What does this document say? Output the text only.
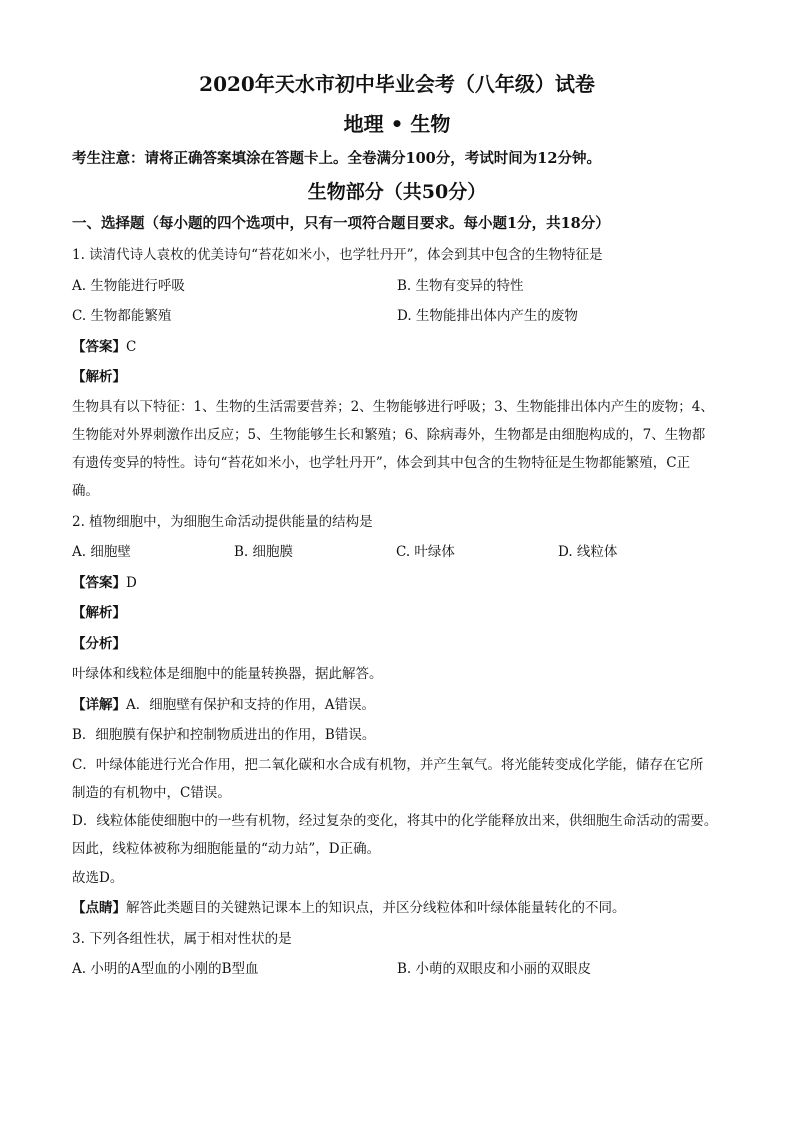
2020年天水市初中毕业会考（八年级）试卷
地理 • 生物
考生注意：请将正确答案填涂在答题卡上。全卷满分100分，考试时间为12分钟。
生物部分（共50分）
一、选择题（每小题的四个选项中，只有一项符合题目要求。每小题1分，共18分）

1. 读清代诗人袁枚的优美诗句“苔花如米小，也学牡丹开”，体会到其中包含的生物特征是

A. 生物能进行呼吸	B. 生物有变异的特性
C. 生物都能繁殖	D. 生物能排出体内产生的废物
【答案】C
【解析】

生物具有以下特征：1、生物的生活需要营养；2、生物能够进行呼吸；3、生物能排出体内产生的废物；4、

生物能对外界刺激作出反应；5、生物能够生长和繁殖；6、除病毒外，生物都是由细胞构成的，7、生物都

有遗传变异的特性。诗句“苔花如米小，也学牡丹开”，体会到其中包含的生物特征是生物都能繁殖，C正

确。

2. 植物细胞中，为细胞生命活动提供能量的结构是

A. 细胞壁	B. 细胞膜	C. 叶绿体	D. 线粒体
【答案】D
【解析】
【分析】

叶绿体和线粒体是细胞中的能量转换器，据此解答。

【详解】A．细胞壁有保护和支持的作用，A错误。

B．细胞膜有保护和控制物质进出的作用，B错误。

C．叶绿体能进行光合作用，把二氧化碳和水合成有机物，并产生氧气。将光能转变成化学能，储存在它所

制造的有机物中，C错误。

D．线粒体能使细胞中的一些有机物，经过复杂的变化，将其中的化学能释放出来，供细胞生命活动的需要。

因此，线粒体被称为细胞能量的“动力站”，D正确。

故选D。

【点睛】解答此类题目的关键熟记课本上的知识点，并区分线粒体和叶绿体能量转化的不同。

3. 下列各组性状，属于相对性状的是

A. 小明的A型血的小刚的B型血	B. 小萌的双眼皮和小丽的双眼皮
